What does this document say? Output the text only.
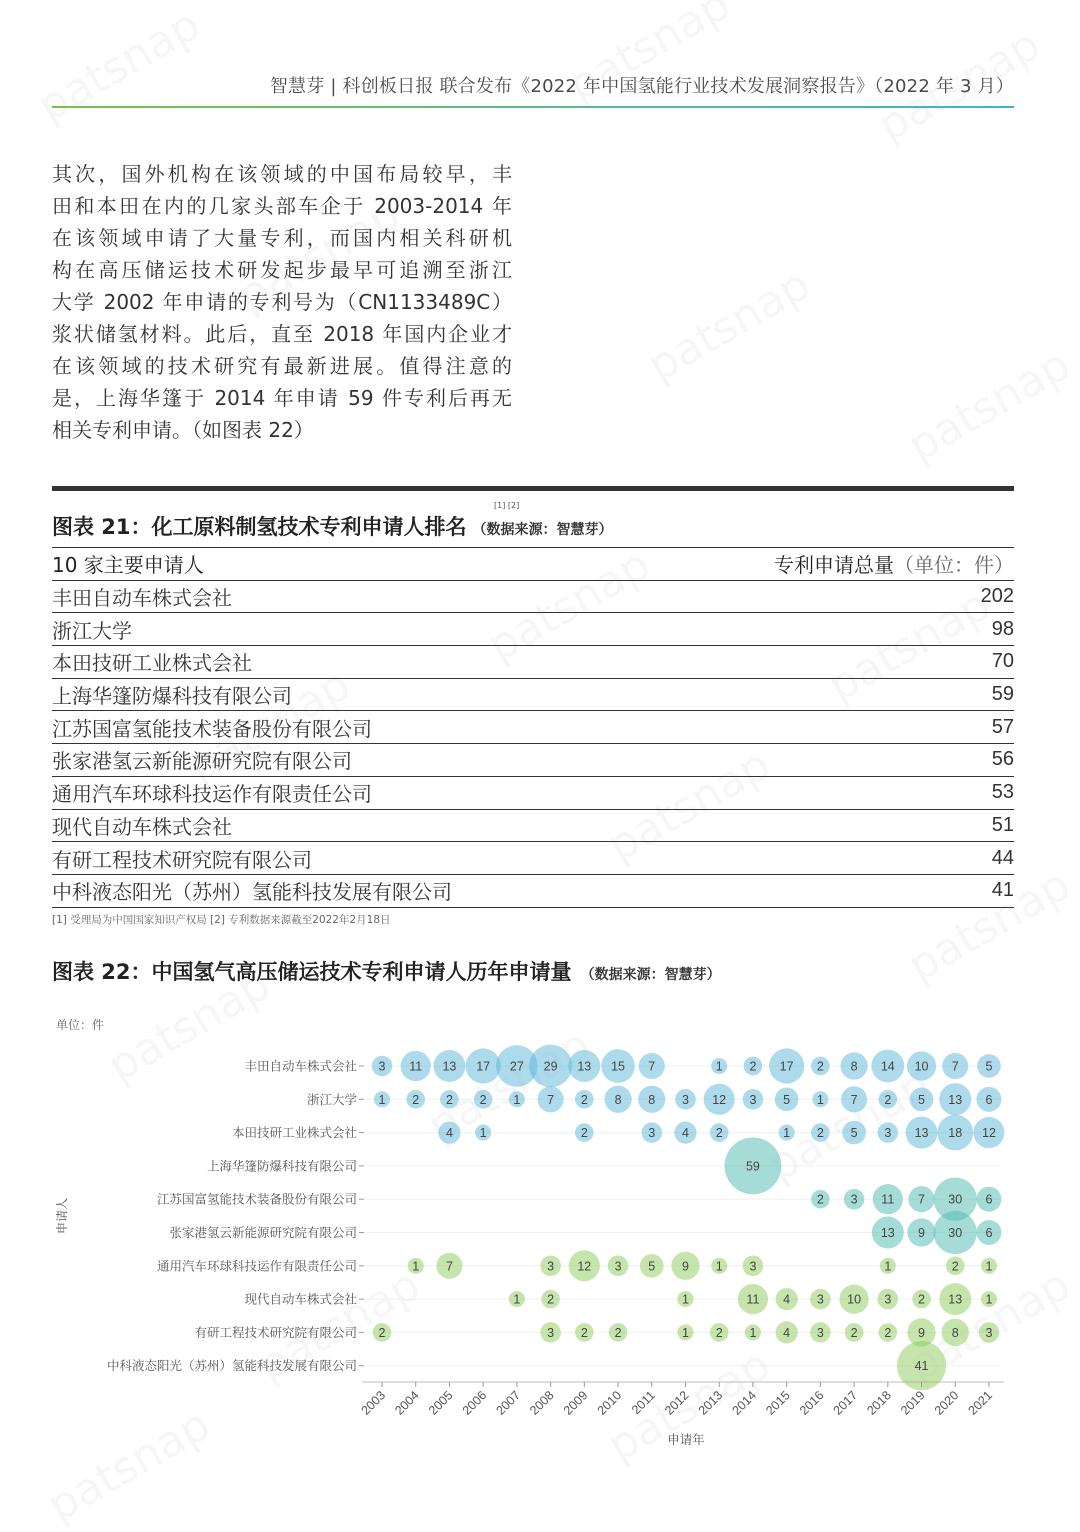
智慧芽 | 科创板日报 联合发布《2022 年中国氢能行业技术发展洞察报告》（2022 年 3 月）
其次，国外机构在该领域的中国布局较早，丰
田和本田在内的几家头部车企于 2003-2014 年
在该领域申请了大量专利，而国内相关科研机
构在高压储运技术研发起步最早可追溯至浙江
大学 2002 年申请的专利号为（CN1133489C）
浆状储氢材料。此后，直至 2018 年国内企业才
在该领域的技术研究有最新进展。值得注意的
是，上海华篷于 2014 年申请 59 件专利后再无
相关专利申请。（如图表 22）
图表 21：化工原料制氢技术专利申请人排名
[1] [2]
（数据来源：智慧芽）
10 家主要申请人	专利申请总量（单位：件）
丰田自动车株式会社	202
浙江大学	98
本田技研工业株式会社	70
上海华篷防爆科技有限公司	59
江苏国富氢能技术装备股份有限公司	57
张家港氢云新能源研究院有限公司	56
通用汽车环球科技运作有限责任公司	53
现代自动车株式会社	51
有研工程技术研究院有限公司	44
中科液态阳光（苏州）氢能科技发展有限公司	41
[1] 受理局为中国国家知识产权局 [2] 专利数据来源截至2022年2月18日
图表 22：中国氢气高压储运技术专利申请人历年申请量 （数据来源：智慧芽）
单位：件
申请人
丰田自动车株式会社 3 11 13 17 27 29 13 15 7	1 2 17 2 8 14 10 7 5
浙江大学 1 2 2 2 1 7 2 8 8 3 12 3 5 1 7 2 5 13 6
本田技研工业株式会社	4 1	2	3 4 2	1 2 5 3 13 18 12
上海华篷防爆科技有限公司	59
江苏国富氢能技术装备股份有限公司	2 3 11 7 30 6
张家港氢云新能源研究院有限公司	13 9 30 6
通用汽车环球科技运作有限责任公司	1 7	3 12 3 5 9 1 3	1	2 1
现代自动车株式会社	1 2	1	11 4 3 10 3 2 13 1
有研工程技术研究院有限公司 2	3 2 2	1 2 1 4 3 2 2 9 8 3
中科液态阳光（苏州）氢能科技发展有限公司	41
2003 2004 2005 2006 2007 2008 2009 2010 2011 2012 2013 2014 2015 2016 2017 2018 2019 2020 2021
申请年
